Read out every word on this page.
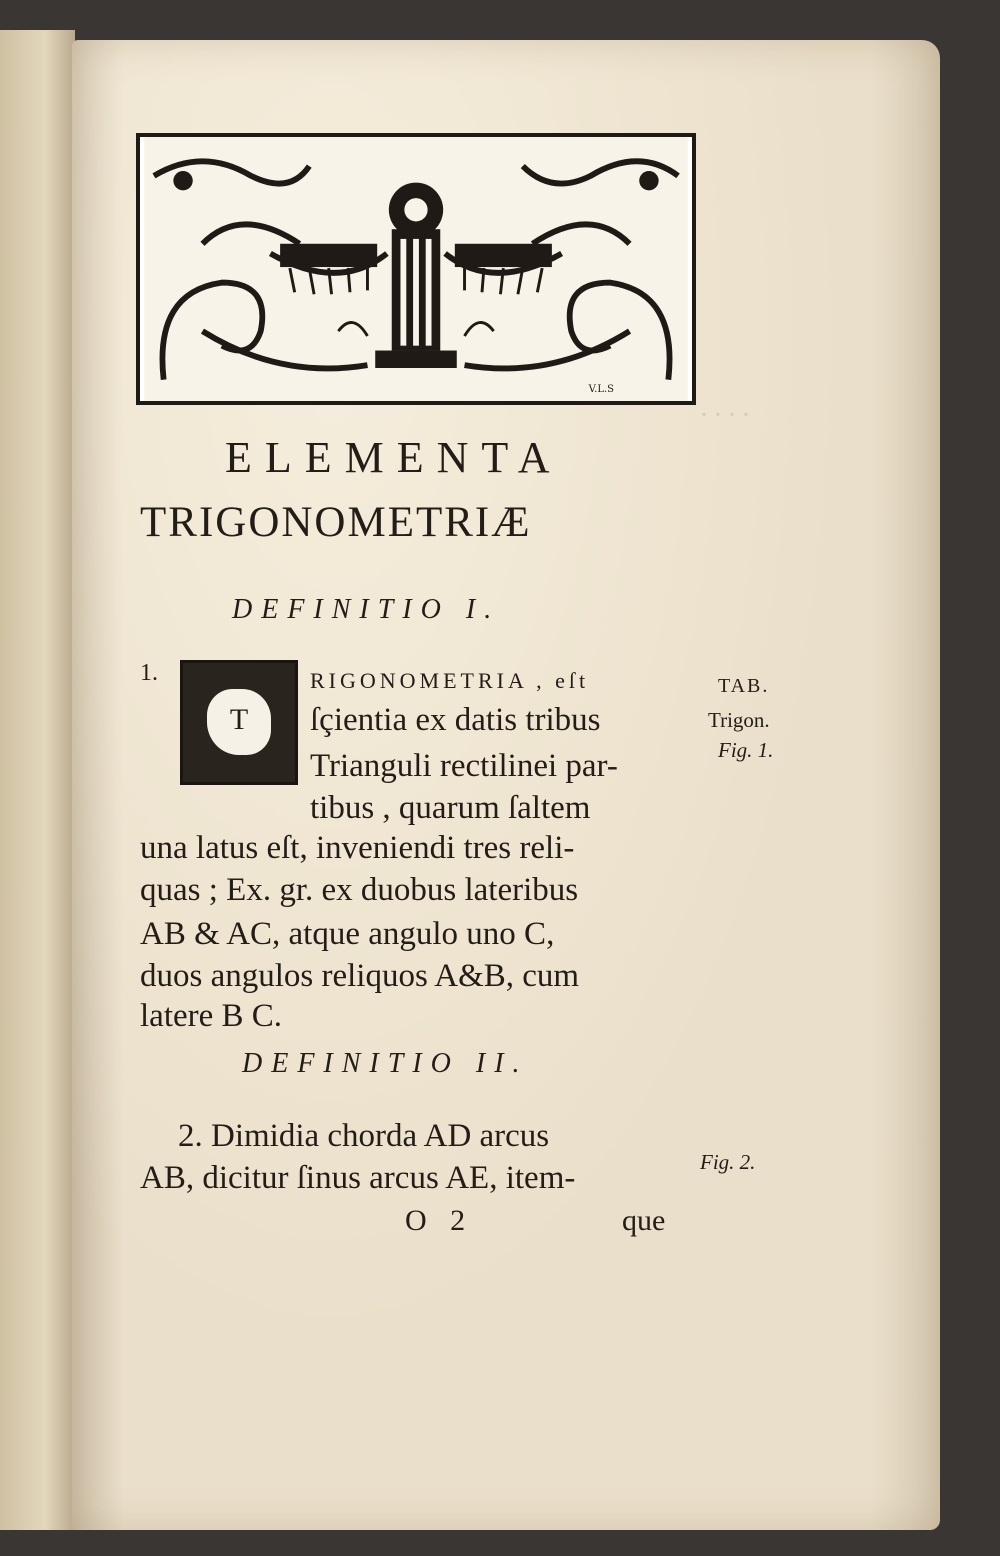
· · · ·
V.L.S
ELEMENTA
TRIGONOMETRIÆ
DEFINITIO I.
1.
T
RIGONOMETRIA , eſt
ſçientia ex datis tribus
Trianguli rectilinei par-
tibus , quarum ſaltem
una latus eſt, inveniendi tres reli-
quas ; Ex. gr. ex duobus lateribus
AB & AC, atque angulo uno C,
duos angulos reliquos A&B, cum
latere B C.
TAB.
Trigon.
Fig. 1.
DEFINITIO II.
2. Dimidia chorda AD arcus
AB, dicitur ſinus arcus AE, item-	Fig. 2.
O 2	que
